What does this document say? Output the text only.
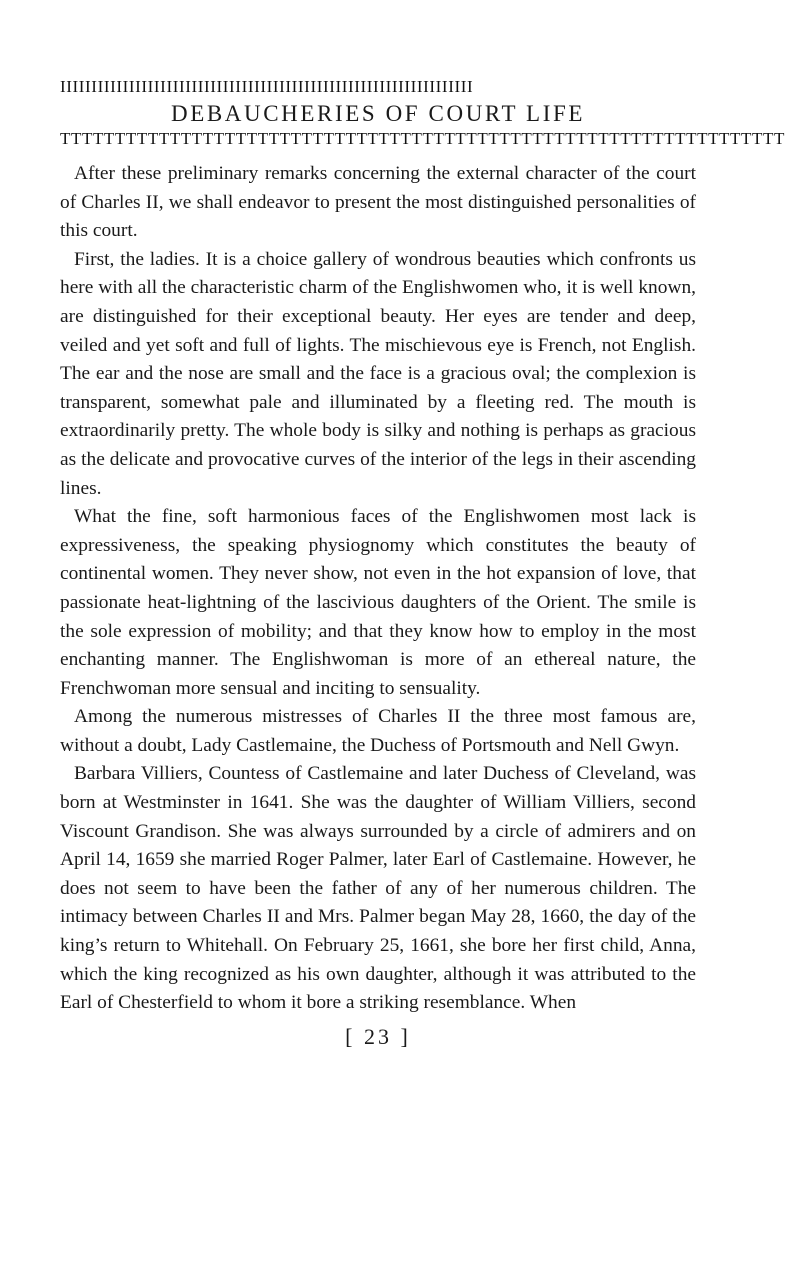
IIIIIIIIIIIIIIIIIIIIIIIIIIIIIIIIIIIIIIIIIIIIIIIIIIIIIIIIIIIIIIIIII
DEBAUCHERIES OF COURT LIFE
TTTTTTTTTTTTTTTTTTTTTTTTTTTTTTTTTTTTTTTTTTTTTTTTTTTTTTTTTTTTTTTTTT

After these preliminary remarks concerning the external character of the court of Charles II, we shall endeavor to present the most distinguished personalities of this court.

First, the ladies. It is a choice gallery of wondrous beauties which confronts us here with all the characteristic charm of the Englishwomen who, it is well known, are distinguished for their exceptional beauty. Her eyes are tender and deep, veiled and yet soft and full of lights. The mischievous eye is French, not English. The ear and the nose are small and the face is a gracious oval; the complexion is transparent, somewhat pale and illuminated by a fleeting red. The mouth is extraordinarily pretty. The whole body is silky and nothing is perhaps as gracious as the delicate and provocative curves of the interior of the legs in their ascending lines.

What the fine, soft harmonious faces of the Englishwomen most lack is expressiveness, the speaking physiognomy which constitutes the beauty of continental women. They never show, not even in the hot expansion of love, that passionate heat-lightning of the lascivious daughters of the Orient. The smile is the sole expression of mobility; and that they know how to employ in the most enchanting manner. The Englishwoman is more of an ethereal nature, the Frenchwoman more sensual and inciting to sensuality.

Among the numerous mistresses of Charles II the three most famous are, without a doubt, Lady Castlemaine, the Duchess of Portsmouth and Nell Gwyn.

Barbara Villiers, Countess of Castlemaine and later Duchess of Cleveland, was born at Westminster in 1641. She was the daughter of William Villiers, second Viscount Grandison. She was always surrounded by a circle of admirers and on April 14, 1659 she married Roger Palmer, later Earl of Castlemaine. However, he does not seem to have been the father of any of her numerous children. The intimacy between Charles II and Mrs. Palmer began May 28, 1660, the day of the king’s return to Whitehall. On February 25, 1661, she bore her first child, Anna, which the king recognized as his own daughter, although it was attributed to the Earl of Chesterfield to whom it bore a striking resemblance. When

[ 23 ]
